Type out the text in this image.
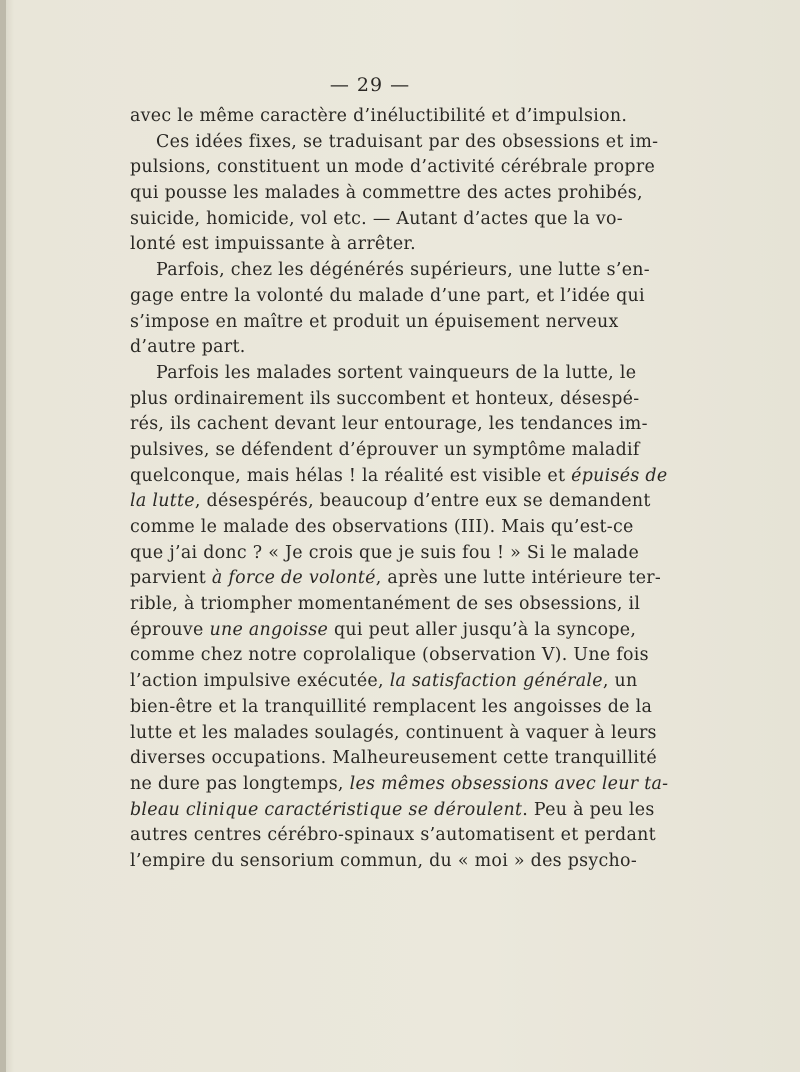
— 29 —
avec le même caractère d’inéluctibilité et d’impulsion.
Ces idées fixes, se traduisant par des obsessions et im-
pulsions, constituent un mode d’activité cérébrale propre
qui pousse les malades à commettre des actes prohibés,
suicide, homicide, vol etc. — Autant d’actes que la vo-
lonté est impuissante à arrêter.
Parfois, chez les dégénérés supérieurs, une lutte s’en-
gage entre la volonté du malade d’une part, et l’idée qui
s’impose en maître et produit un épuisement nerveux
d’autre part.
Parfois les malades sortent vainqueurs de la lutte, le
plus ordinairement ils succombent et honteux, désespé-
rés, ils cachent devant leur entourage, les tendances im-
pulsives, se défendent d’éprouver un symptôme maladif
quelconque, mais hélas ! la réalité est visible et épuisés de
la lutte, désespérés, beaucoup d’entre eux se demandent
comme le malade des observations (III). Mais qu’est-ce
que j’ai donc ? « Je crois que je suis fou ! » Si le malade
parvient à force de volonté, après une lutte intérieure ter-
rible, à triompher momentanément de ses obsessions, il
éprouve une angoisse qui peut aller jusqu’à la syncope,
comme chez notre coprolalique (observation V). Une fois
l’action impulsive exécutée, la satisfaction générale, un
bien-être et la tranquillité remplacent les angoisses de la
lutte et les malades soulagés, continuent à vaquer à leurs
diverses occupations. Malheureusement cette tranquillité
ne dure pas longtemps, les mêmes obsessions avec leur ta-
bleau clinique caractéristique se déroulent. Peu à peu les
autres centres cérébro-spinaux s’automatisent et perdant
l’empire du sensorium commun, du « moi » des psycho-
